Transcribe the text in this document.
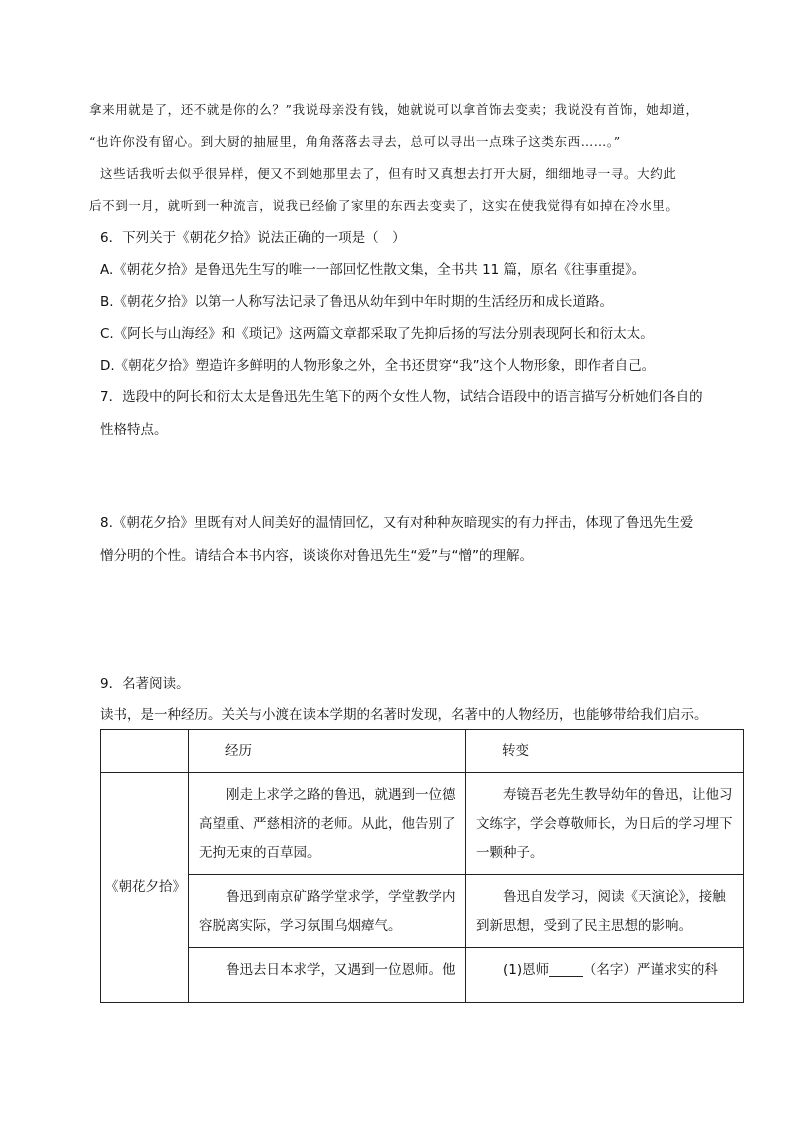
拿来用就是了，还不就是你的么？”我说母亲没有钱，她就说可以拿首饰去变卖；我说没有首饰，她却道，
“也许你没有留心。到大厨的抽屉里，角角落落去寻去，总可以寻出一点珠子这类东西……。”
这些话我听去似乎很异样，便又不到她那里去了，但有时又真想去打开大厨，细细地寻一寻。大约此
后不到一月，就听到一种流言，说我已经偷了家里的东西去变卖了，这实在使我觉得有如掉在冷水里。
6．下列关于《朝花夕拾》说法正确的一项是（　）
A.《朝花夕拾》是鲁迅先生写的唯一一部回忆性散文集，全书共 11 篇，原名《往事重提》。
B.《朝花夕拾》以第一人称写法记录了鲁迅从幼年到中年时期的生活经历和成长道路。
C.《阿长与山海经》和《琐记》这两篇文章都采取了先抑后扬的写法分别表现阿长和衍太太。
D.《朝花夕拾》塑造许多鲜明的人物形象之外，全书还贯穿“我”这个人物形象，即作者自己。
7．选段中的阿长和衍太太是鲁迅先生笔下的两个女性人物，试结合语段中的语言描写分析她们各自的
性格特点。
8.《朝花夕拾》里既有对人间美好的温情回忆，又有对种种灰暗现实的有力抨击，体现了鲁迅先生爱
憎分明的个性。请结合本书内容，谈谈你对鲁迅先生“爱”与“憎”的理解。
9．名著阅读。
读书，是一种经历。关关与小渡在读本学期的名著时发现，名著中的人物经历，也能够带给我们启示。
	经历	转变
《朝花夕拾》	刚走上求学之路的鲁迅，就遇到一位德高望重、严慈相济的老师。从此，他告别了无拘无束的百草园。	寿镜吾老先生教导幼年的鲁迅，让他习文练字，学会尊敬师长，为日后的学习埋下一颗种子。
	鲁迅到南京矿路学堂求学，学堂教学内容脱离实际，学习氛围乌烟瘴气。	鲁迅自发学习，阅读《天演论》，接触到新思想，受到了民主思想的影响。
	鲁迅去日本求学，又遇到一位恩师。他	(1)恩师_____（名字）严谨求实的科
